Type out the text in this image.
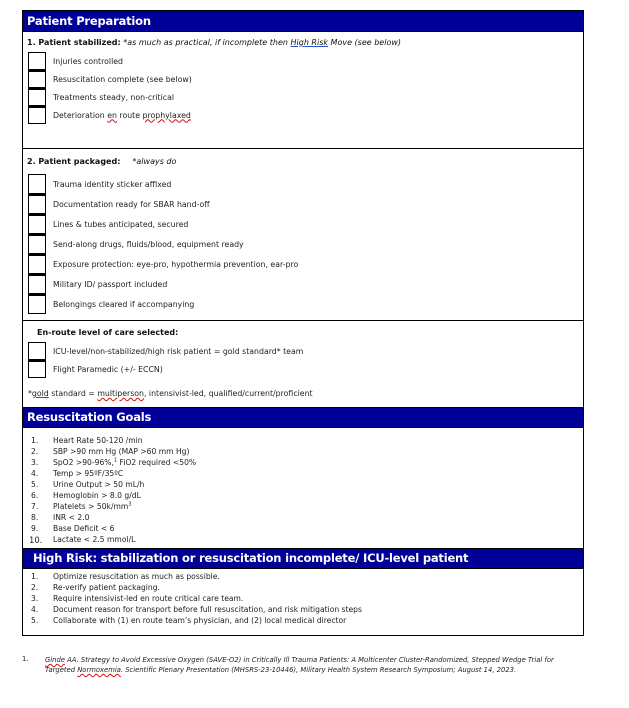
Patient Preparation
1. Patient stabilized: *as much as practical, if incomplete then High Risk Move (see below)
Injuries controlled
Resuscitation complete (see below)
Treatments steady, non-critical
Deterioration en route prophylaxed
2. Patient packaged: *always do
Trauma identity sticker affixed
Documentation ready for SBAR hand-off
Lines & tubes anticipated, secured
Send-along drugs, fluids/blood, equipment ready
Exposure protection: eye-pro, hypothermia prevention, ear-pro
Military ID/ passport included
Belongings cleared if accompanying
En-route level of care selected:
ICU-level/non-stabilized/high risk patient = gold standard* team
Flight Paramedic (+/- ECCN)
*gold standard = multiperson, intensivist-led, qualified/current/proficient
Resuscitation Goals
1.	Heart Rate 50-120 /min
2.	SBP >90 mm Hg (MAP >60 mm Hg)
3.	SpO2 >90-96%,$^1$ FiO2 required <50%
4.	Temp > 95ºF/35ºC
5.	Urine Output > 50 mL/h
6.	Hemoglobin > 8.0 g/dL
7.	Platelets > $50k/mm^3$
8.	INR < 2.0
9.	Base Deficit < 6
10.	Lactate < 2.5 mmol/L
High Risk: stabilization or resuscitation incomplete/ ICU-level patient
1.	Optimize resuscitation as much as possible.
2.	Re-verify patient packaging.
3.	Require intensivist-led en route critical care team.
4.	Document reason for transport before full resuscitation, and risk mitigation steps
5.	Collaborate with (1) en route team’s physician, and (2) local medical director
1.	Ginde AA. Strategy to Avoid Excessive Oxygen (SAVE-O2) in Critically Ill Trauma Patients: A Multicenter Cluster-Randomized, Stepped Wedge Trial for
Targeted Normoxemia. Scientific Plenary Presentation (MHSRS-23-10446), Military Health System Research Symposium; August 14, 2023.
